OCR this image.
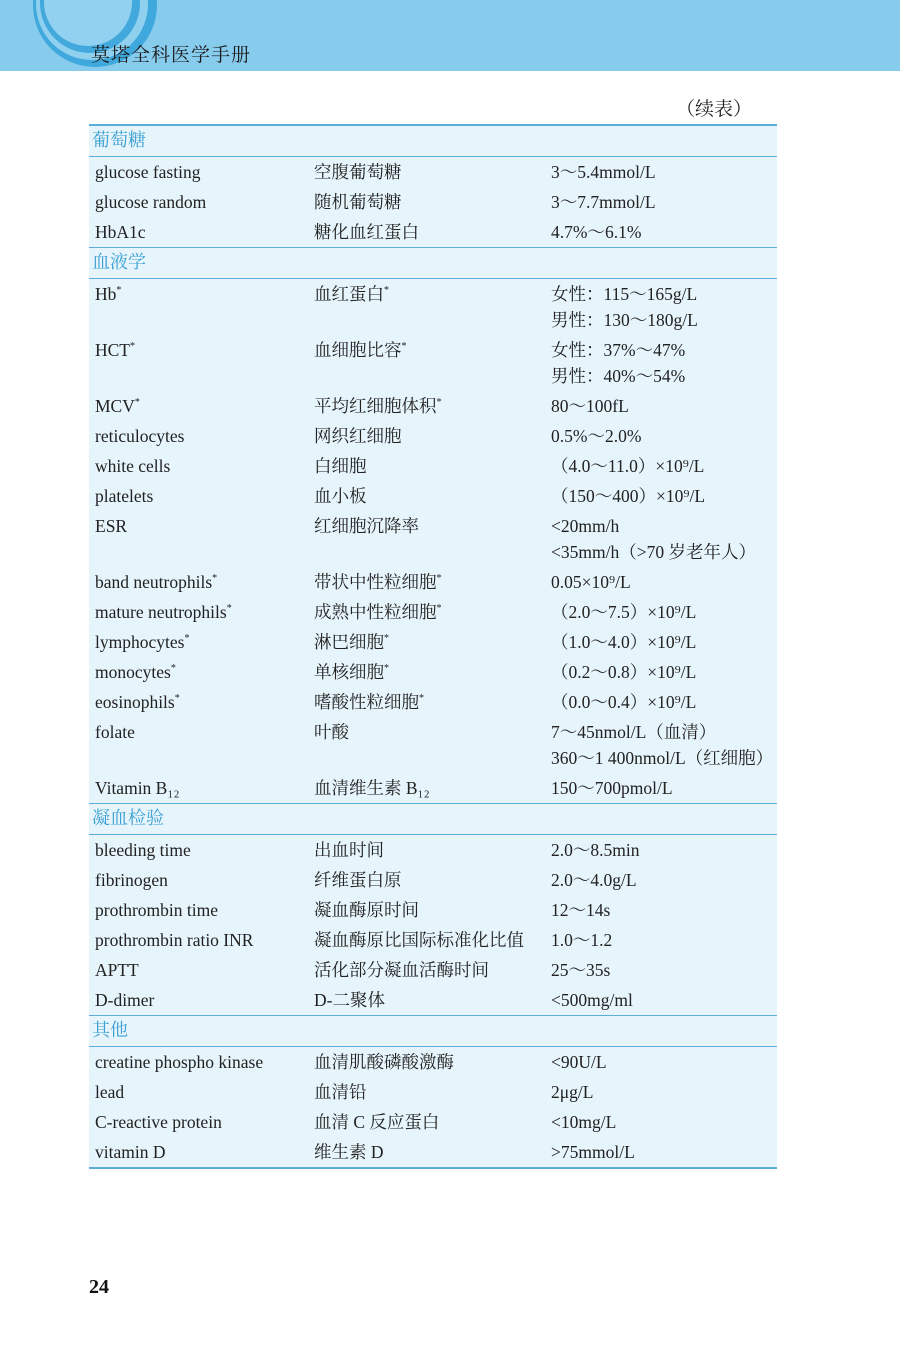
莫塔全科医学手册
（续表）
葡萄糖
glucose fasting	空腹葡萄糖	3～5.4mmol/L
glucose random	随机葡萄糖	3～7.7mmol/L
HbA1c	糖化血红蛋白	4.7%～6.1%
血液学
Hb*	血红蛋白*	女性：115～165g/L
男性：130～180g/L
HCT*	血细胞比容*	女性：37%～47%
男性：40%～54%
MCV*	平均红细胞体积*	80～100fL
reticulocytes	网织红细胞	0.5%～2.0%
white cells	白细胞	（4.0～11.0）×10⁹/L
platelets	血小板	（150～400）×10⁹/L
ESR	红细胞沉降率	<20mm/h
<35mm/h（>70 岁老年人）
band neutrophils*	带状中性粒细胞*	0.05×10⁹/L
mature neutrophils*	成熟中性粒细胞*	（2.0～7.5）×10⁹/L
lymphocytes*	淋巴细胞*	（1.0～4.0）×10⁹/L
monocytes*	单核细胞*	（0.2～0.8）×10⁹/L
eosinophils*	嗜酸性粒细胞*	（0.0～0.4）×10⁹/L
folate	叶酸	7～45nmol/L（血清）
360～1 400nmol/L（红细胞）
Vitamin B₁₂	血清维生素 B₁₂	150～700pmol/L
凝血检验
bleeding time	出血时间	2.0～8.5min
fibrinogen	纤维蛋白原	2.0～4.0g/L
prothrombin time	凝血酶原时间	12～14s
prothrombin ratio INR	凝血酶原比国际标准化比值	1.0～1.2
APTT	活化部分凝血活酶时间	25～35s
D-dimer	D-二聚体	<500mg/ml
其他
creatine phospho kinase	血清肌酸磷酸激酶	<90U/L
lead	血清铅	2μg/L
C-reactive protein	血清 C 反应蛋白	<10mg/L
vitamin D	维生素 D	>75mmol/L
24
